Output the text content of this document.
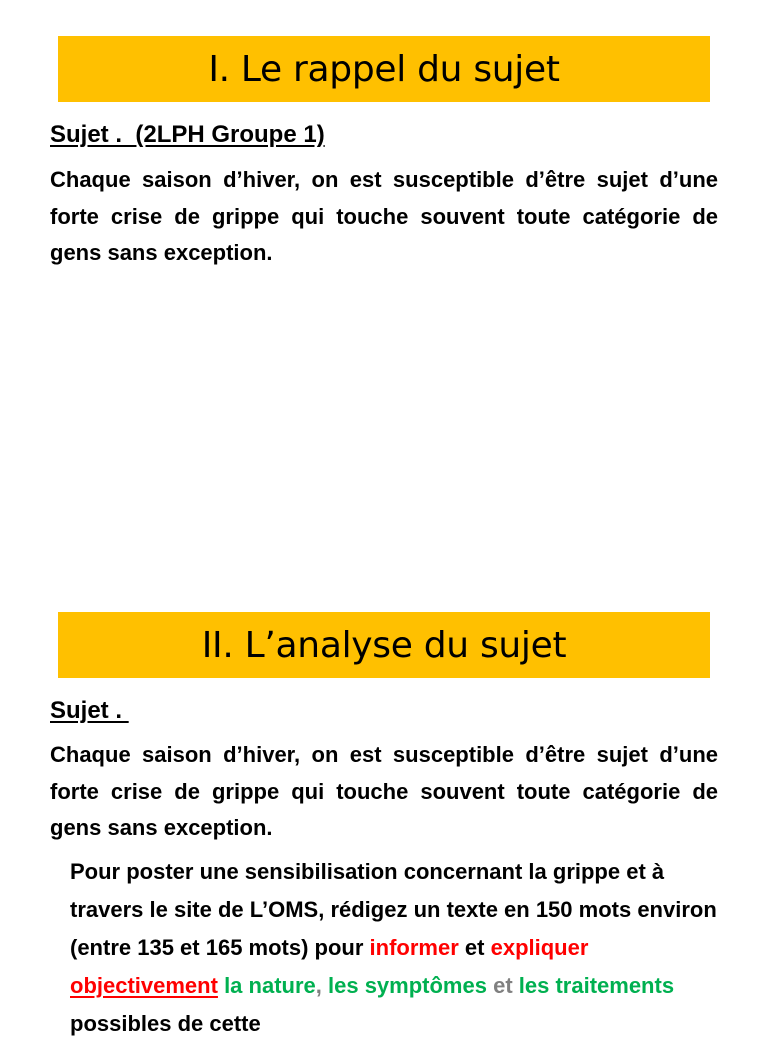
I. Le rappel du sujet
Sujet .  (2LPH Groupe 1)
Chaque saison d’hiver, on est susceptible d’être sujet d’une forte crise de grippe qui touche souvent toute catégorie de gens sans exception.
II. L’analyse du sujet
Sujet .
Chaque saison d’hiver, on est susceptible d’être sujet d’une forte crise de grippe qui touche souvent toute catégorie de gens sans exception.
Pour poster une sensibilisation concernant la grippe et à travers le site de L’OMS, rédigez un texte en 150 mots environ (entre 135 et 165 mots) pour informer et expliquer objectivement la nature, les symptômes et les traitements possibles de cette
